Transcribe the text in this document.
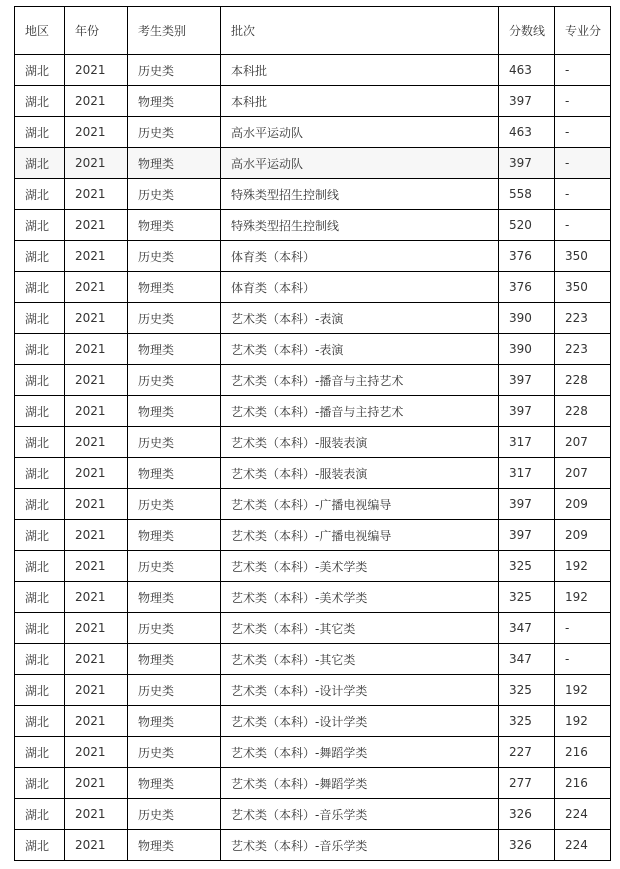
地区	年份	考生类别	批次	分数线	专业分
湖北	2021	历史类	本科批	463	-
湖北	2021	物理类	本科批	397	-
湖北	2021	历史类	高水平运动队	463	-
湖北	2021	物理类	高水平运动队	397	-
湖北	2021	历史类	特殊类型招生控制线	558	-
湖北	2021	物理类	特殊类型招生控制线	520	-
湖北	2021	历史类	体育类（本科）	376	350
湖北	2021	物理类	体育类（本科）	376	350
湖北	2021	历史类	艺术类（本科）-表演	390	223
湖北	2021	物理类	艺术类（本科）-表演	390	223
湖北	2021	历史类	艺术类（本科）-播音与主持艺术	397	228
湖北	2021	物理类	艺术类（本科）-播音与主持艺术	397	228
湖北	2021	历史类	艺术类（本科）-服装表演	317	207
湖北	2021	物理类	艺术类（本科）-服装表演	317	207
湖北	2021	历史类	艺术类（本科）-广播电视编导	397	209
湖北	2021	物理类	艺术类（本科）-广播电视编导	397	209
湖北	2021	历史类	艺术类（本科）-美术学类	325	192
湖北	2021	物理类	艺术类（本科）-美术学类	325	192
湖北	2021	历史类	艺术类（本科）-其它类	347	-
湖北	2021	物理类	艺术类（本科）-其它类	347	-
湖北	2021	历史类	艺术类（本科）-设计学类	325	192
湖北	2021	物理类	艺术类（本科）-设计学类	325	192
湖北	2021	历史类	艺术类（本科）-舞蹈学类	227	216
湖北	2021	物理类	艺术类（本科）-舞蹈学类	277	216
湖北	2021	历史类	艺术类（本科）-音乐学类	326	224
湖北	2021	物理类	艺术类（本科）-音乐学类	326	224
